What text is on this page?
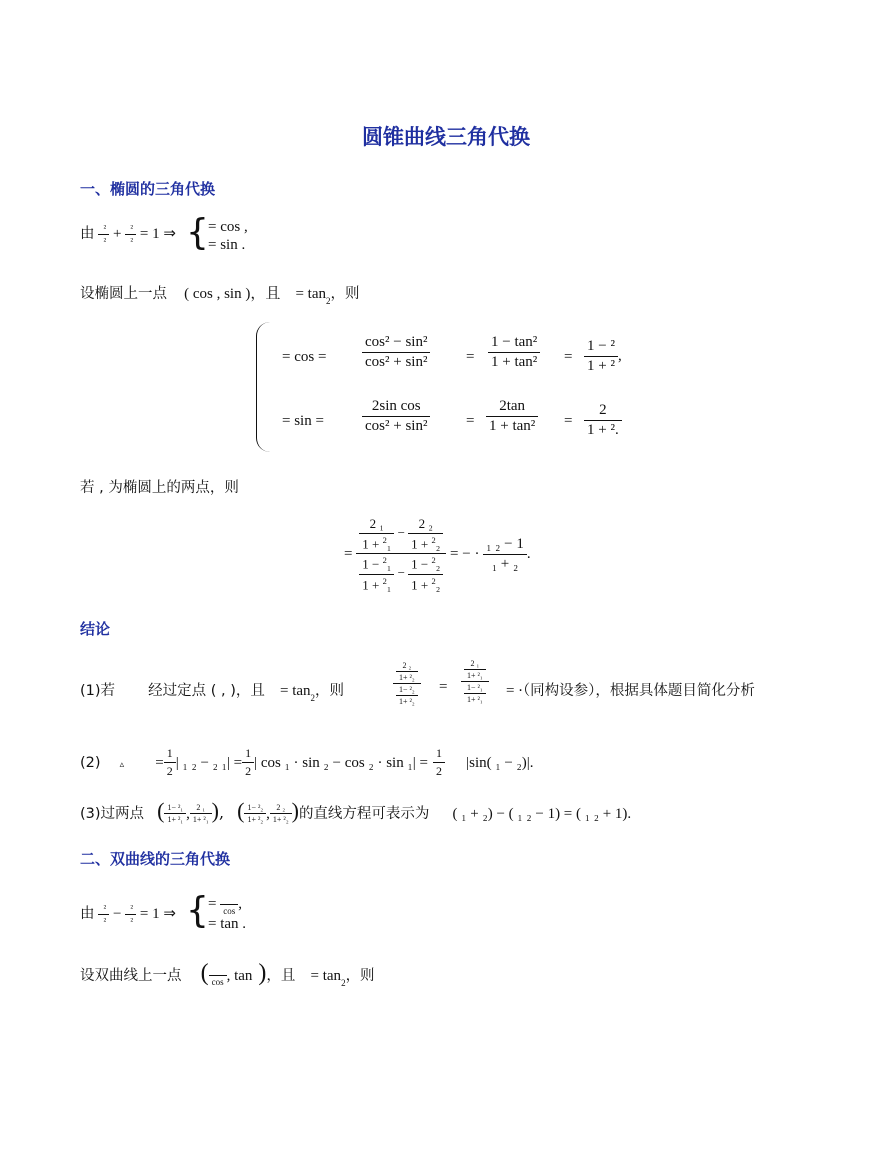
圆锥曲线三角代换
一、椭圆的三角代换
由 $\frac{\text{²}}{\text{²}} + \frac{\text{²}}{\text{²}} = 1$ ⇒ { = cos ,
= sin .
设椭圆上一点 ( cos , sin )，且 = $\tan_2$，则
= $\cos = \frac{\text{cos² − sin²}}{\text{cos² + sin²}} = \frac{\text{1 − tan²}}{\text{1 + tan²}} = \frac{\text{1 − ²}}{\text{1 + ²}}$ ,
= sin =	$\frac{\text{2sin cos}}{\text{cos² + sin²}} = \frac{2\tan}{\text{1 + tan²}} = \frac{2}{\text{1 + ².}}$
若 , 为椭圆上的两点，则
= $\frac{\frac{\text{2 ₁}}{1 + ^2_1} - \frac{\text{2 ₂}}{1 + ^2_2}}{\frac{1 - ^2_1}{1 + ^2_1} - \frac{1 - ^2_2}{1 + ^2_2}}$ = − · $\frac{\text{₁ ₂ − 1}}{\text{₁ + ₂}}$ .
结论
(1)若 经过定点 ( , )，且 = $\tan_2$，则	$\frac{\frac{\text{2 ₂}}{\text{1+ ²₂}}}{\frac{\text{1− ²₂}}{\text{1+ ²₂}}} = \frac{\frac{\text{2 ₁}}{\text{1+ ²₁}}}{\frac{\text{1− ²₁}}{\text{1+ ²₁}}}$ = ·（同构设参），根据具体题目简化分析
(2) ▵ = $\frac{1}{2}$ | ₁ ₂ − ₂ $_1| = \frac{1}{2}$ | $\cos _1 \cdot \sin _2 - \cos _2 \cdot \sin _1| = \frac{1}{2} |\sin$( ₁ − ₂)|.
(3)过两点 ( $\frac{\text{1− ²₁}}{\text{1+ ²₁}}$ , $\frac{\text{2 ₁}}{\text{1+ ²₁}}$ ), ( $\frac{\text{1− ²₂}}{\text{1+ ²₂}}$ , $\frac{\text{2 ₂}}{\text{1+ ²₂}}$ )的直线方程可表示为 ( ₁ + ₂) − ( ₁ ₂ − 1) = ( ₁ ₂ + 1).
二、双曲线的三角代换
由 $\frac{\text{²}}{\text{²}} - \frac{\text{²}}{\text{²}} = 1$ ⇒ { =
cos ,
= tan .
设双曲线上一点 (
cos , tan )，且 = $\tan_2$，则
